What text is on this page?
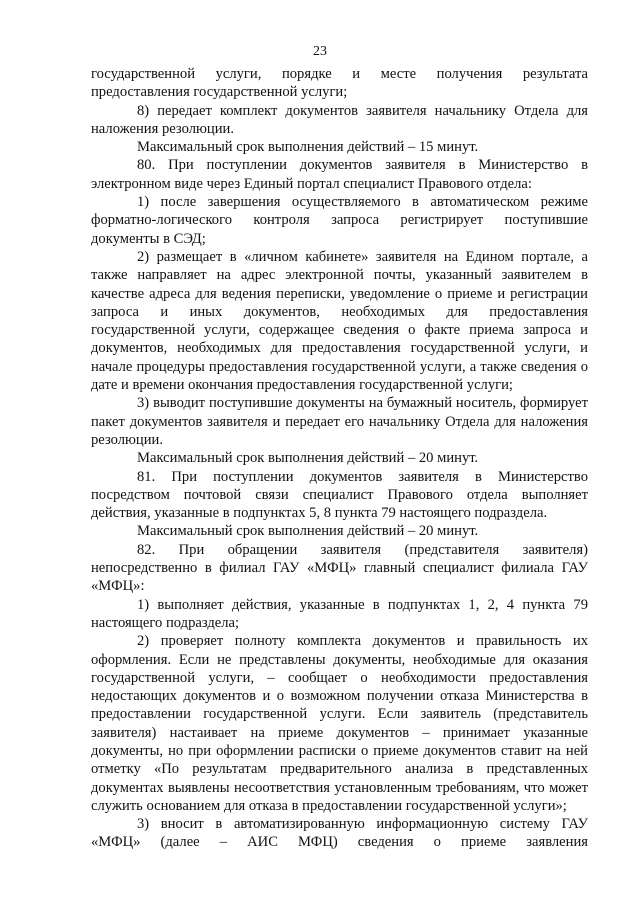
23

государственной услуги, порядке и месте получения результата предоставления государственной услуги;

8) передает комплект документов заявителя начальнику Отдела для наложения резолюции.

Максимальный срок выполнения действий – 15 минут.

80. При поступлении документов заявителя в Министерство в электронном виде через Единый портал специалист Правового отдела:

1) после завершения осуществляемого в автоматическом режиме форматно-логического контроля запроса регистрирует поступившие документы в СЭД;

2) размещает в «личном кабинете» заявителя на Едином портале, а также направляет на адрес электронной почты, указанный заявителем в качестве адреса для ведения переписки, уведомление о приеме и регистрации запроса и иных документов, необходимых для предоставления государственной услуги, содержащее сведения о факте приема запроса и документов, необходимых для предоставления государственной услуги, и начале процедуры предоставления государственной услуги, а также сведения о дате и времени окончания предоставления государственной услуги;

3) выводит поступившие документы на бумажный носитель, формирует пакет документов заявителя и передает его начальнику Отдела для наложения резолюции.

Максимальный срок выполнения действий – 20 минут.

81. При поступлении документов заявителя в Министерство посредством почтовой связи специалист Правового отдела выполняет действия, указанные в подпунктах 5, 8 пункта 79 настоящего подраздела.

Максимальный срок выполнения действий – 20 минут.

82. При обращении заявителя (представителя заявителя) непосредственно в филиал ГАУ «МФЦ» главный специалист филиала ГАУ «МФЦ»:

1) выполняет действия, указанные в подпунктах 1, 2, 4 пункта 79 настоящего подраздела;

2) проверяет полноту комплекта документов и правильность их оформления. Если не представлены документы, необходимые для оказания государственной услуги, – сообщает о необходимости предоставления недостающих документов и о возможном получении отказа Министерства в предоставлении государственной услуги. Если заявитель (представитель заявителя) настаивает на приеме документов – принимает указанные документы, но при оформлении расписки о приеме документов ставит на ней отметку «По результатам предварительного анализа в представленных документах выявлены несоответствия установленным требованиям, что может служить основанием для отказа в предоставлении государственной услуги»;

3) вносит в автоматизированную информационную систему ГАУ «МФЦ» (далее – АИС МФЦ) сведения о приеме заявления
